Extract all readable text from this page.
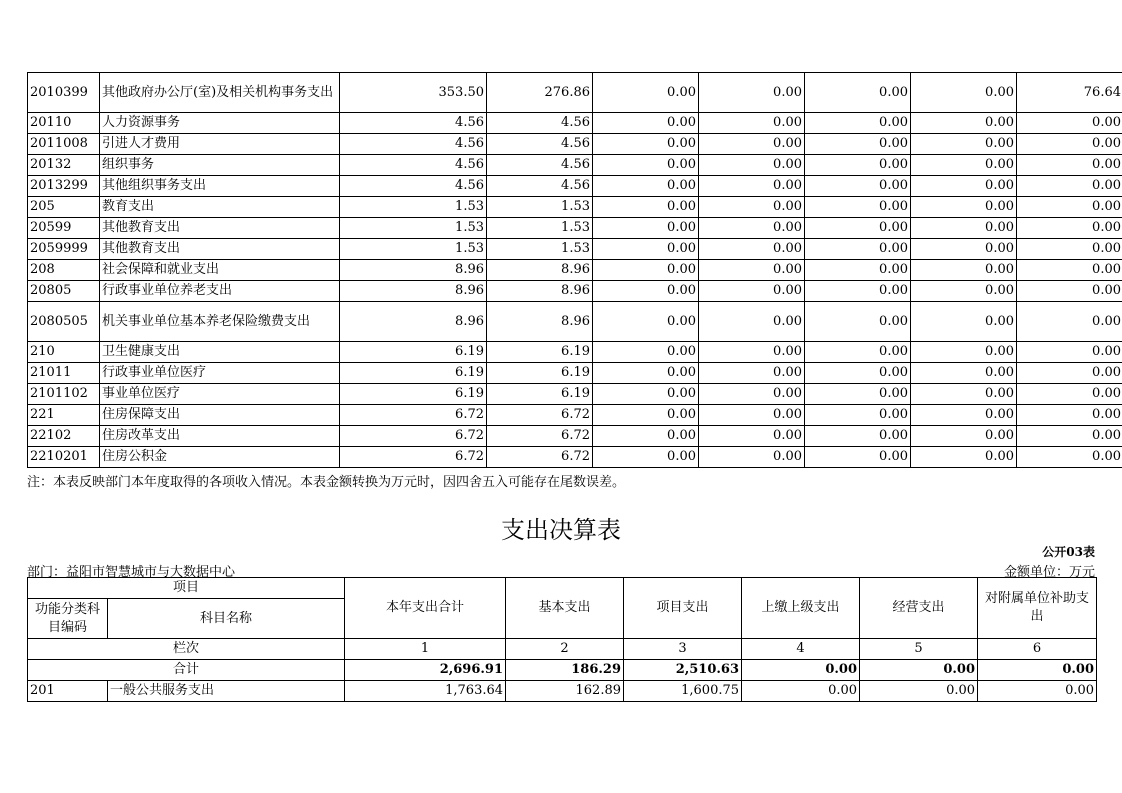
2010399	其他政府办公厅(室)及相关机构事务支出	353.50	276.86	0.00	0.00	0.00	0.00	76.64
20110	人力资源事务	4.56	4.56	0.00	0.00	0.00	0.00	0.00
2011008	引进人才费用	4.56	4.56	0.00	0.00	0.00	0.00	0.00
20132	组织事务	4.56	4.56	0.00	0.00	0.00	0.00	0.00
2013299	其他组织事务支出	4.56	4.56	0.00	0.00	0.00	0.00	0.00
205	教育支出	1.53	1.53	0.00	0.00	0.00	0.00	0.00
20599	其他教育支出	1.53	1.53	0.00	0.00	0.00	0.00	0.00
2059999	其他教育支出	1.53	1.53	0.00	0.00	0.00	0.00	0.00
208	社会保障和就业支出	8.96	8.96	0.00	0.00	0.00	0.00	0.00
20805	行政事业单位养老支出	8.96	8.96	0.00	0.00	0.00	0.00	0.00
2080505	机关事业单位基本养老保险缴费支出	8.96	8.96	0.00	0.00	0.00	0.00	0.00
210	卫生健康支出	6.19	6.19	0.00	0.00	0.00	0.00	0.00
21011	行政事业单位医疗	6.19	6.19	0.00	0.00	0.00	0.00	0.00
2101102	事业单位医疗	6.19	6.19	0.00	0.00	0.00	0.00	0.00
221	住房保障支出	6.72	6.72	0.00	0.00	0.00	0.00	0.00
22102	住房改革支出	6.72	6.72	0.00	0.00	0.00	0.00	0.00
2210201	住房公积金	6.72	6.72	0.00	0.00	0.00	0.00	0.00
注：本表反映部门本年度取得的各项收入情况。本表金额转换为万元时，因四舍五入可能存在尾数误差。
支出决算表
公开03表
部门：益阳市智慧城市与大数据中心	金额单位：万元
项目		本年支出合计	基本支出	项目支出	上缴上级支出	经营支出	对附属单位补助支出
功能分类科目编码	科目名称						
栏次		1	2	3	4	5	6
合计		2,696.91	186.29	2,510.63	0.00	0.00	0.00
201	一般公共服务支出	1,763.64	162.89	1,600.75	0.00	0.00	0.00
